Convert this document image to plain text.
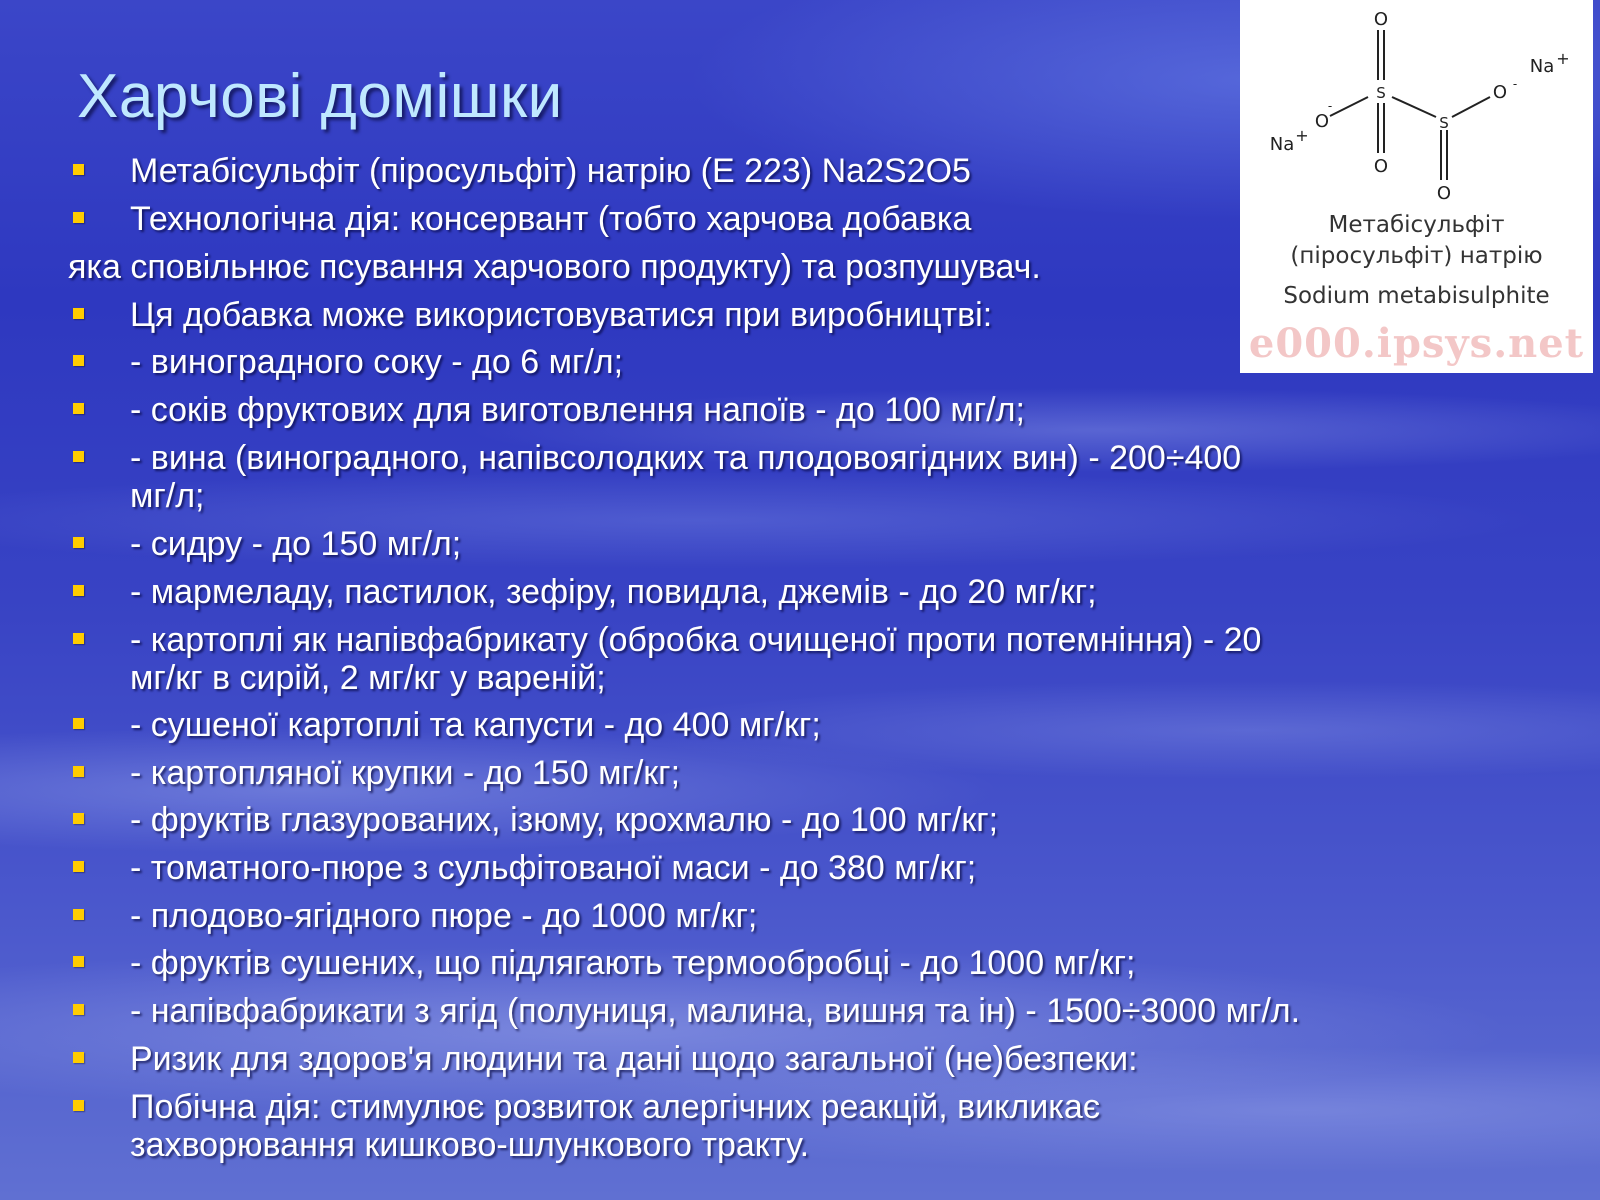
Харчові домішки
Метабісульфіт (піросульфіт) натрію (Е 223) Na2S2O5
Технологічна дія: консервант (тобто харчова добавка
яка сповільнює псування харчового продукту) та розпушувач.
Ця добавка може використовуватися при виробництві:
- виноградного соку - до 6 мг/л;
- соків фруктових для виготовлення напоїв - до 100 мг/л;
- вина (виноградного, напівсолодких та плодовоягідних вин) - 200÷400
мг/л;
- сидру - до 150 мг/л;
- мармеладу, пастилок, зефіру, повидла, джемів - до 20 мг/кг;
- картоплі як напівфабрикату (обробка очищеної проти потемніння) - 20
мг/кг в сирій, 2 мг/кг у вареній;
- сушеної картоплі та капусти - до 400 мг/кг;
- картопляної крупки - до 150 мг/кг;
- фруктів глазурованих, ізюму, крохмалю - до 100 мг/кг;
- томатного-пюре з сульфітованої маси - до 380 мг/кг;
- плодово-ягідного пюре - до 1000 мг/кг;
- фруктів сушених, що підлягають термообробці - до 1000 мг/кг;
- напівфабрикати з ягід (полуниця, малина, вишня та ін) - 1500÷3000 мг/л.
Ризик для здоров'я людини та дані щодо загальної (не)безпеки:
Побічна дія: стимулює розвиток алергічних реакцій, викликає
захворювання кишково-шлункового тракту.
O
S
O
O
-
S
O
O -
Na +
Na +
Метабісульфіт
(піросульфіт) натрію
Sodium metabisulphite
e000.ipsys.net
